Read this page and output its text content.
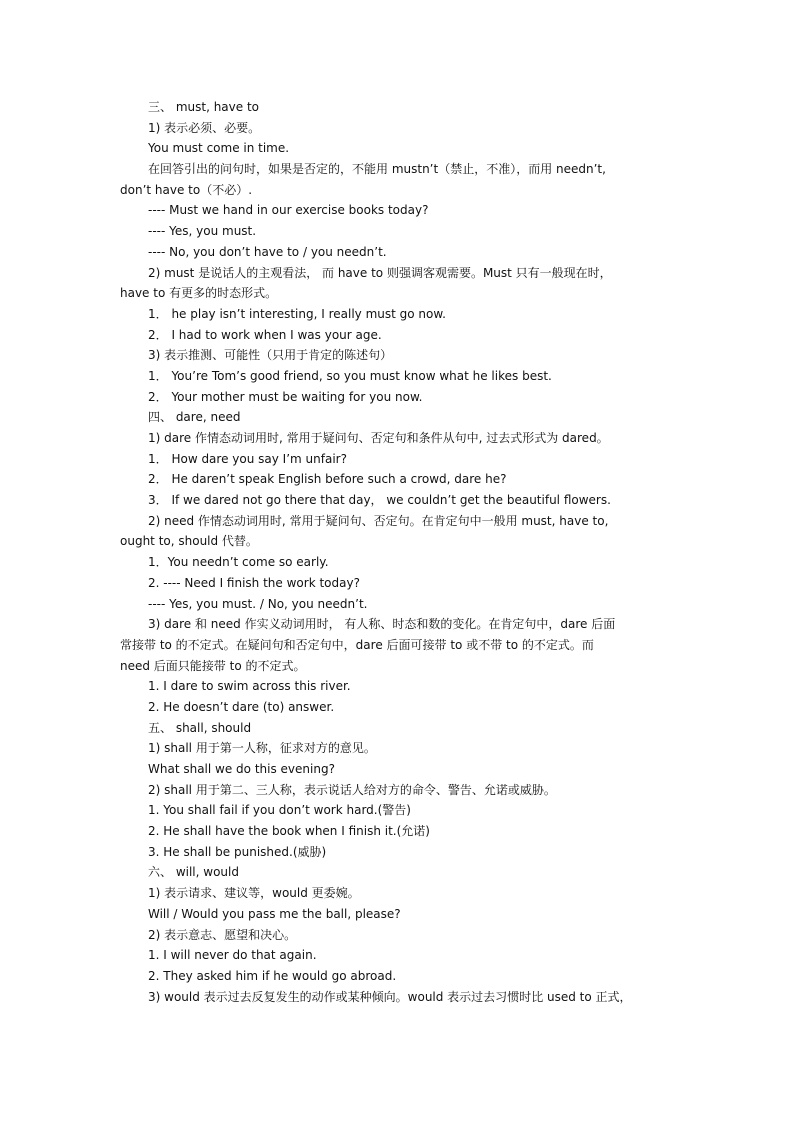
三、 must, have to
1) 表示必须、必要。
You must come in time.
在回答引出的问句时，如果是否定的，不能用 mustn’t（禁止，不准），而用 needn’t,
don’t have to（不必）.
---- Must we hand in our exercise books today?
---- Yes, you must.
---- No, you don’t have to / you needn’t.
2) must 是说话人的主观看法， 而 have to 则强调客观需要。Must 只有一般现在时，
have to 有更多的时态形式。
1． he play isn’t interesting, I really must go now.
2． I had to work when I was your age.
3) 表示推测、可能性（只用于肯定的陈述句）
1． You’re Tom’s good friend, so you must know what he likes best.
2． Your mother must be waiting for you now.
四、 dare, need
1) dare 作情态动词用时, 常用于疑问句、否定句和条件从句中, 过去式形式为 dared。
1． How dare you say I’m unfair?
2． He daren’t speak English before such a crowd, dare he?
3． If we dared not go there that day， we couldn’t get the beautiful flowers.
2) need 作情态动词用时, 常用于疑问句、否定句。在肯定句中一般用 must, have to,
ought to, should 代替。
1．You needn’t come so early.
2. ---- Need I finish the work today?
---- Yes, you must. / No, you needn’t.
3) dare 和 need 作实义动词用时， 有人称、时态和数的变化。在肯定句中，dare 后面
常接带 to 的不定式。在疑问句和否定句中，dare 后面可接带 to 或不带 to 的不定式。而
need 后面只能接带 to 的不定式。
1. I dare to swim across this river.
2. He doesn’t dare (to) answer.
五、 shall, should
1) shall 用于第一人称，征求对方的意见。
What shall we do this evening?
2) shall 用于第二、三人称，表示说话人给对方的命令、警告、允诺或威胁。
1. You shall fail if you don’t work hard.(警告)
2. He shall have the book when I finish it.(允诺)
3. He shall be punished.(威胁)
六、 will, would
1) 表示请求、建议等，would 更委婉。
Will / Would you pass me the ball, please?
2) 表示意志、愿望和决心。
1. I will never do that again.
2. They asked him if he would go abroad.
3) would 表示过去反复发生的动作或某种倾向。would 表示过去习惯时比 used to 正式，
